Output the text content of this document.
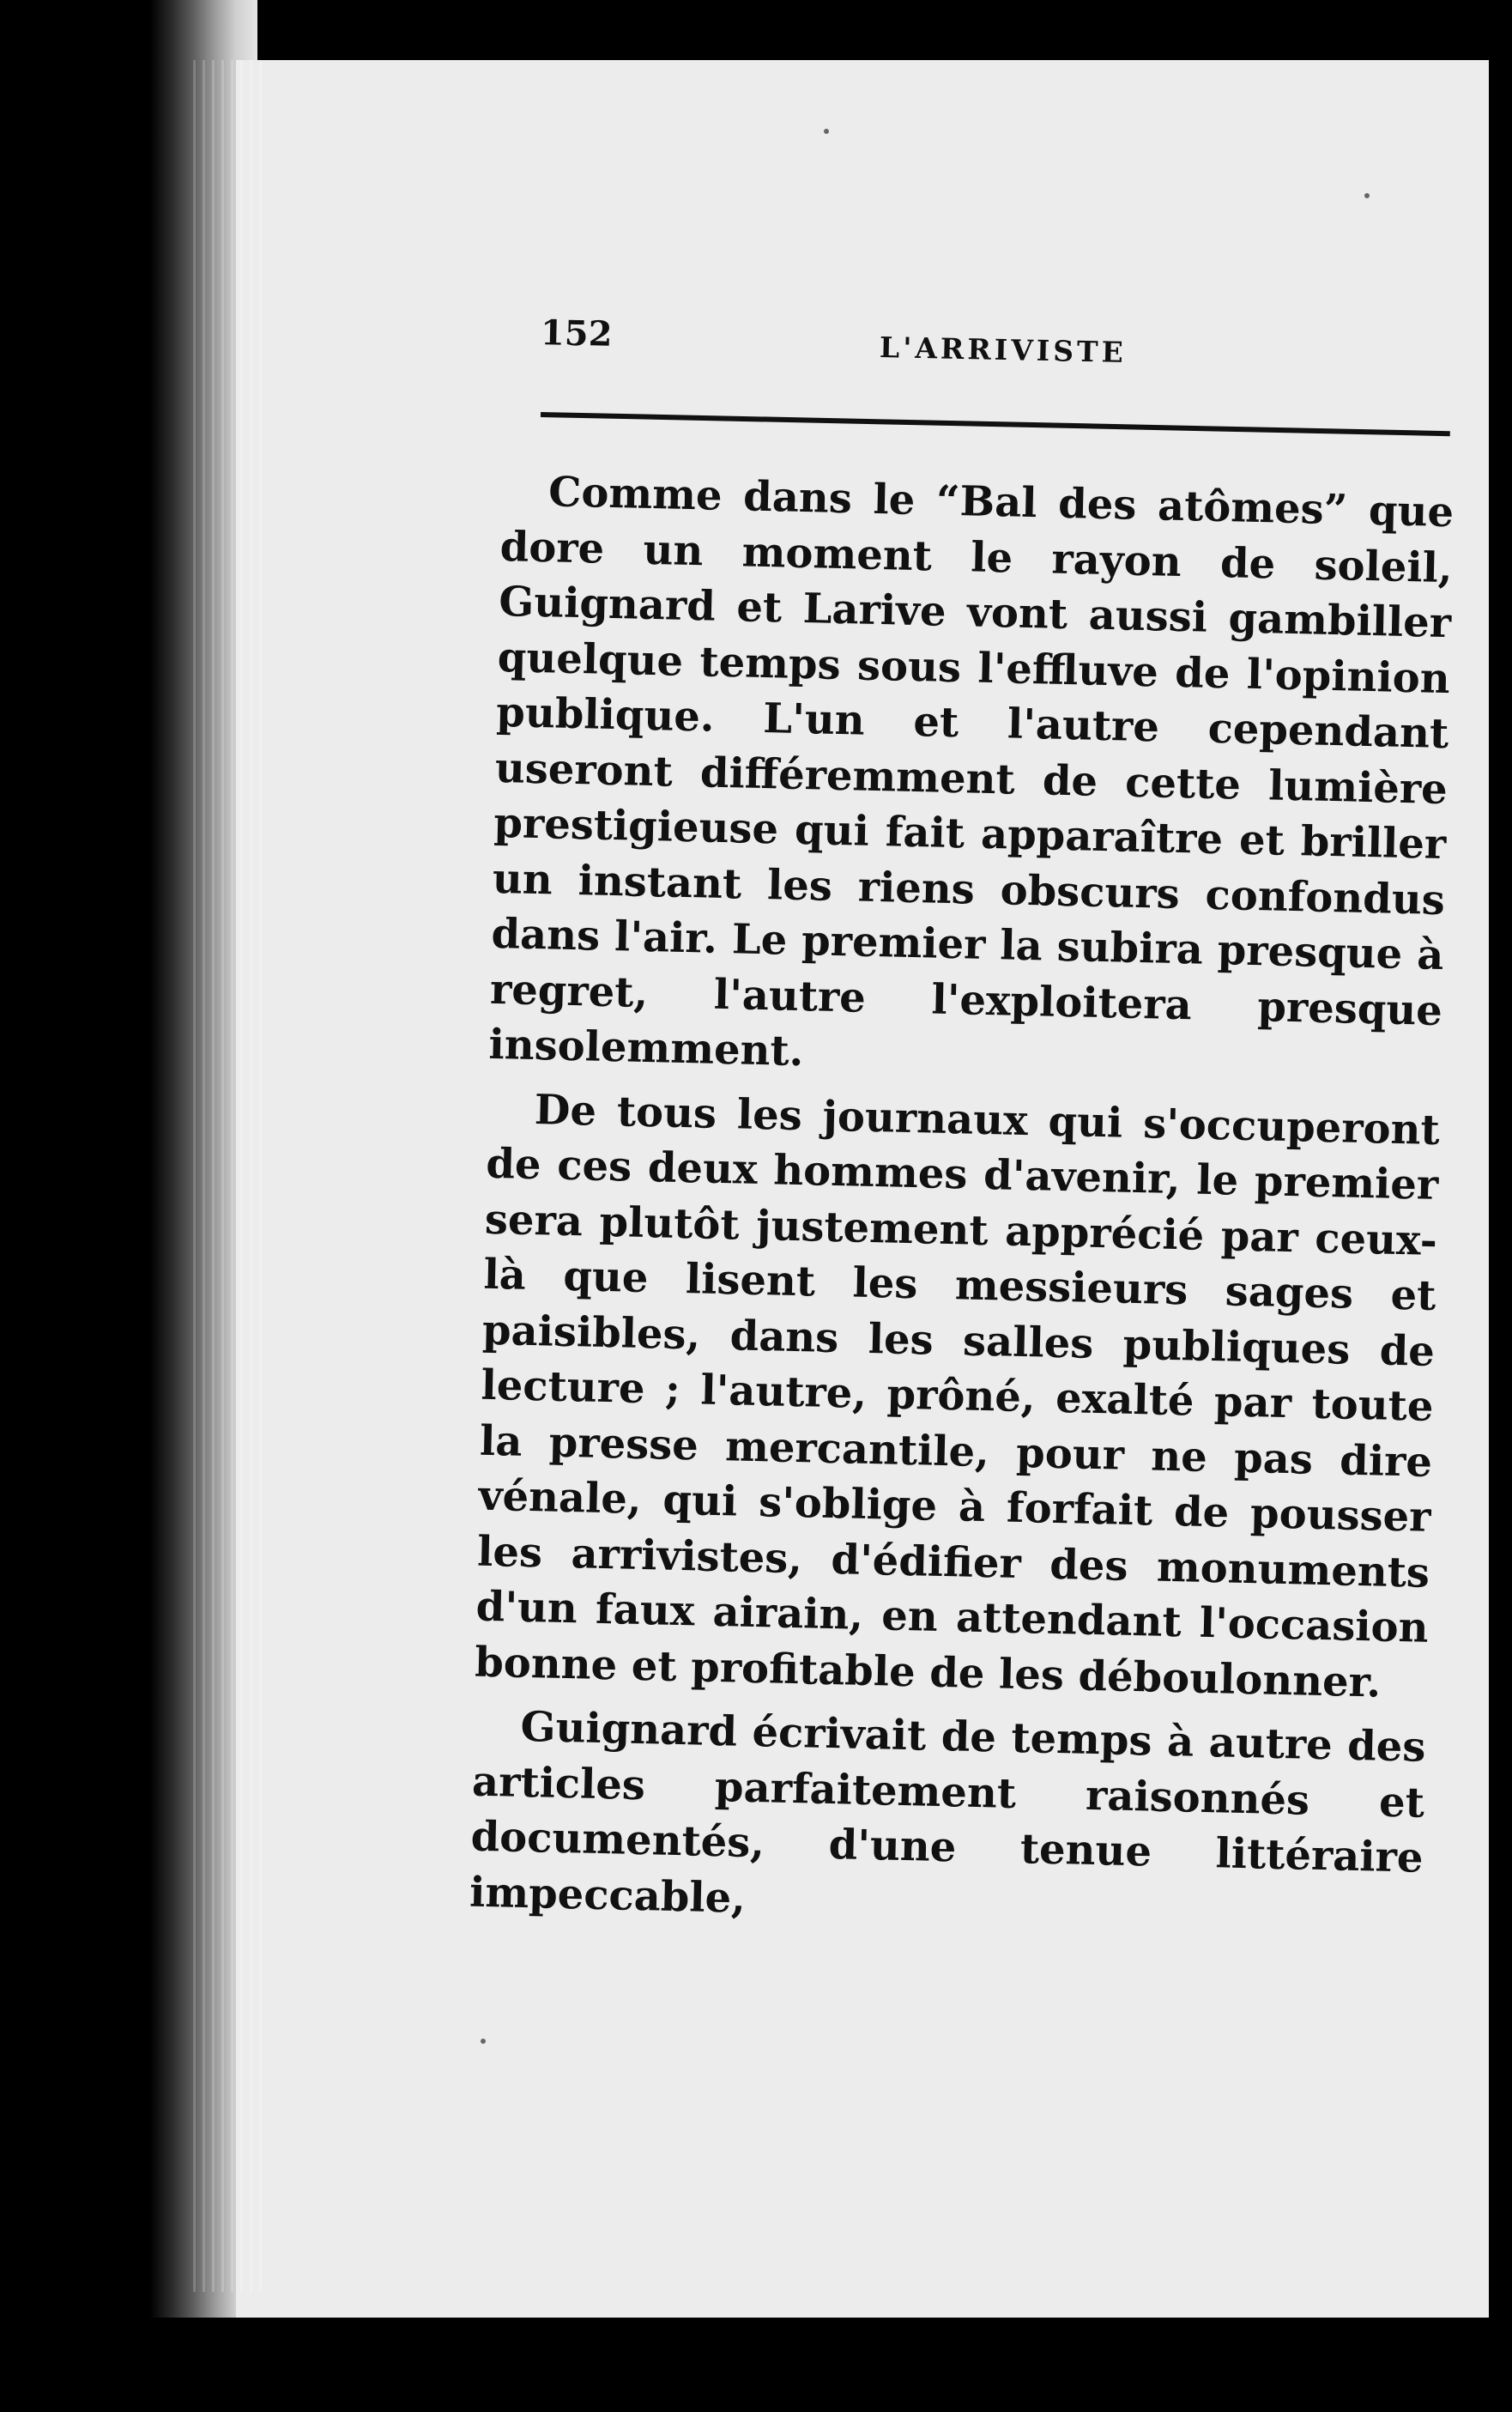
152	L'ARRIVISTE

Comme dans le “Bal des atômes” que dore un moment le rayon de soleil, Guignard et Larive vont aussi gambiller quelque temps sous l'effluve de l'opinion publique. L'un et l'autre cependant useront différemment de cette lumière prestigieuse qui fait apparaître et briller un instant les riens obscurs confondus dans l'air. Le premier la subira presque à regret, l'autre l'exploitera presque insolemment.

De tous les journaux qui s'occuperont de ces deux hommes d'avenir, le premier sera plutôt justement apprécié par ceux-là que lisent les messieurs sages et paisibles, dans les salles publiques de lecture ; l'autre, prôné, exalté par toute la presse mercantile, pour ne pas dire vénale, qui s'oblige à forfait de pousser les arrivistes, d'édifier des monuments d'un faux airain, en attendant l'occasion bonne et profitable de les déboulonner.

Guignard écrivait de temps à autre des articles parfaitement raisonnés et documentés, d'une tenue littéraire impeccable,
